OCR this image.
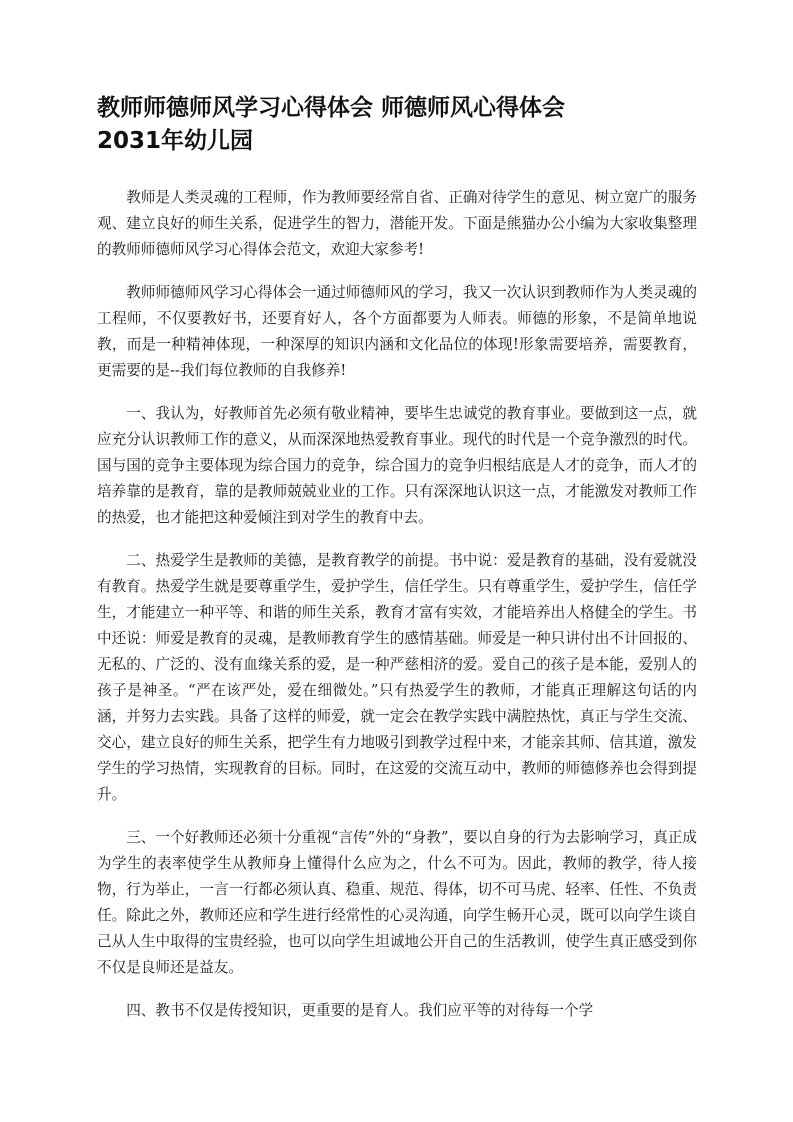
教师师德师风学习心得体会 师德师风心得体会
2031年幼儿园

教师是人类灵魂的工程师，作为教师要经常自省、正确对待学生的意见、树立宽广的服务观、建立良好的师生关系，促进学生的智力，潜能开发。下面是熊猫办公小编为大家收集整理的教师师德师风学习心得体会范文，欢迎大家参考!

教师师德师风学习心得体会一通过师德师风的学习，我又一次认识到教师作为人类灵魂的工程师，不仅要教好书，还要育好人，各个方面都要为人师表。师德的形象，不是简单地说教，而是一种精神体现，一种深厚的知识内涵和文化品位的体现!形象需要培养，需要教育，更需要的是--我们每位教师的自我修养!

一、我认为，好教师首先必须有敬业精神，要毕生忠诚党的教育事业。要做到这一点，就应充分认识教师工作的意义，从而深深地热爱教育事业。现代的时代是一个竞争激烈的时代。国与国的竞争主要体现为综合国力的竞争，综合国力的竞争归根结底是人才的竞争，而人才的培养靠的是教育，靠的是教师兢兢业业的工作。只有深深地认识这一点，才能激发对教师工作的热爱，也才能把这种爱倾注到对学生的教育中去。

二、热爱学生是教师的美德，是教育教学的前提。书中说：爱是教育的基础，没有爱就没有教育。热爱学生就是要尊重学生，爱护学生，信任学生。只有尊重学生，爱护学生，信任学生，才能建立一种平等、和谐的师生关系，教育才富有实效，才能培养出人格健全的学生。书中还说：师爱是教育的灵魂，是教师教育学生的感情基础。师爱是一种只讲付出不计回报的、无私的、广泛的、没有血缘关系的爱，是一种严慈相济的爱。爱自己的孩子是本能，爱别人的孩子是神圣。“严在该严处，爱在细微处。”只有热爱学生的教师，才能真正理解这句话的内涵，并努力去实践。具备了这样的师爱，就一定会在教学实践中满腔热忱，真正与学生交流、交心，建立良好的师生关系，把学生有力地吸引到教学过程中来，才能亲其师、信其道，激发学生的学习热情，实现教育的目标。同时，在这爱的交流互动中，教师的师德修养也会得到提升。

三、一个好教师还必须十分重视“言传”外的“身教”，要以自身的行为去影响学习，真正成为学生的表率使学生从教师身上懂得什么应为之，什么不可为。因此，教师的教学，待人接物，行为举止，一言一行都必须认真、稳重、规范、得体，切不可马虎、轻率、任性、不负责任。除此之外，教师还应和学生进行经常性的心灵沟通，向学生畅开心灵，既可以向学生谈自己从人生中取得的宝贵经验，也可以向学生坦诚地公开自己的生活教训，使学生真正感受到你不仅是良师还是益友。

四、教书不仅是传授知识，更重要的是育人。我们应平等的对待每一个学
